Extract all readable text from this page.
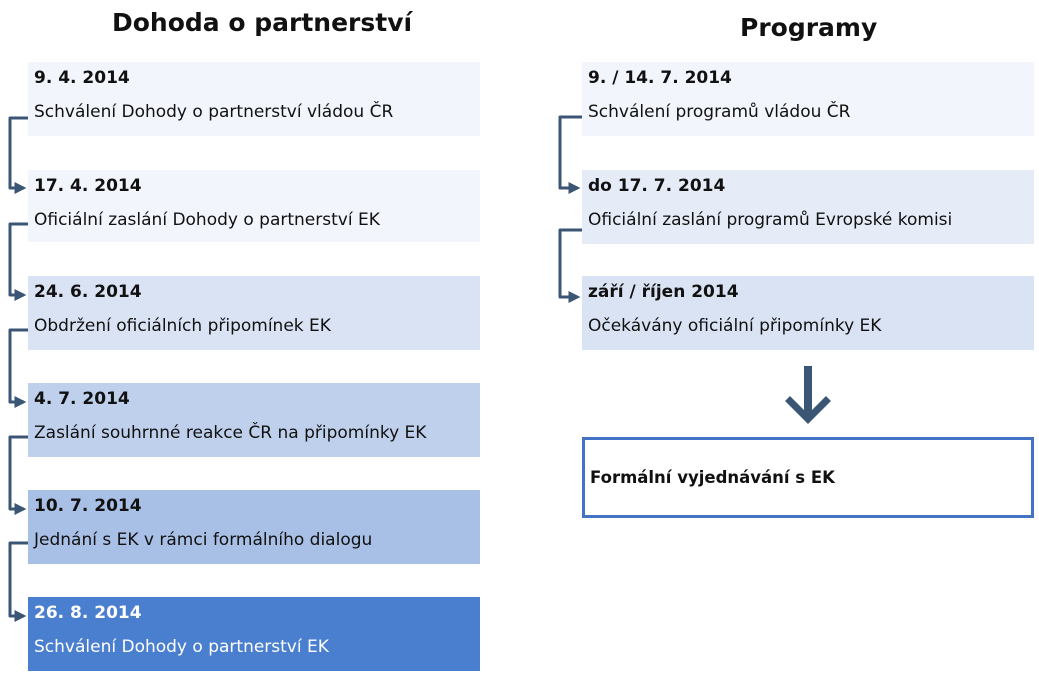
Dohoda o partnerství	Programy
9. 4. 2014
Schválení Dohody o partnerství vládou ČR
17. 4. 2014
Oficiální zaslání Dohody o partnerství EK
24. 6. 2014
Obdržení oficiálních připomínek EK
4. 7. 2014
Zaslání souhrnné reakce ČR na připomínky EK
10. 7. 2014
Jednání s EK v rámci formálního dialogu
26. 8. 2014
Schválení Dohody o partnerství EK
9. / 14. 7. 2014
Schválení programů vládou ČR
do 17. 7. 2014
Oficiální zaslání programů Evropské komisi
září / říjen 2014
Očekávány oficiální připomínky EK
Formální vyjednávání s EK
